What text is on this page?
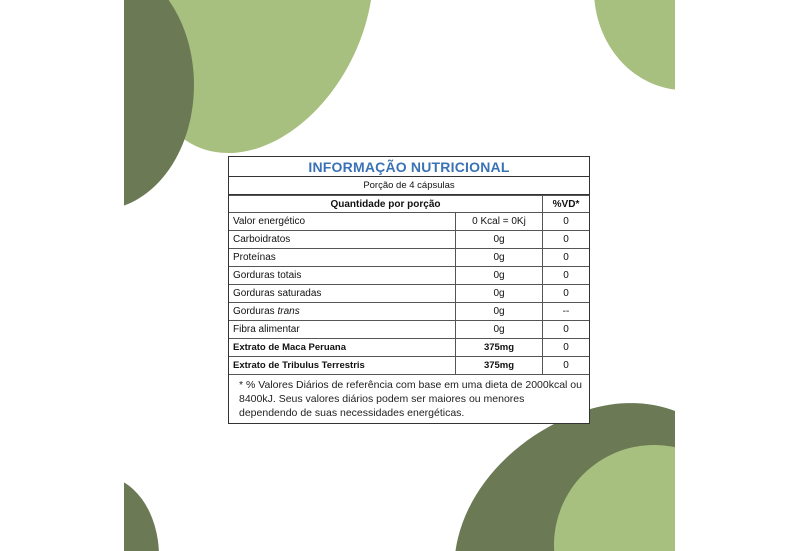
INFORMAÇÃO NUTRICIONAL
Porção de 4 cápsulas
Quantidade por porção		%VD*
Valor energético	0 Kcal = 0Kj	0
Carboidratos	0g	0
Proteínas	0g	0
Gorduras totais	0g	0
Gorduras saturadas	0g	0
Gorduras trans	0g	--
Fibra alimentar	0g	0
Extrato de Maca Peruana	375mg	0
Extrato de Tribulus Terrestris	375mg	0
* % Valores Diários de referência com base em uma dieta de 2000kcal ou 8400kJ. Seus valores diários podem ser maiores ou menores dependendo de suas necessidades energéticas.
